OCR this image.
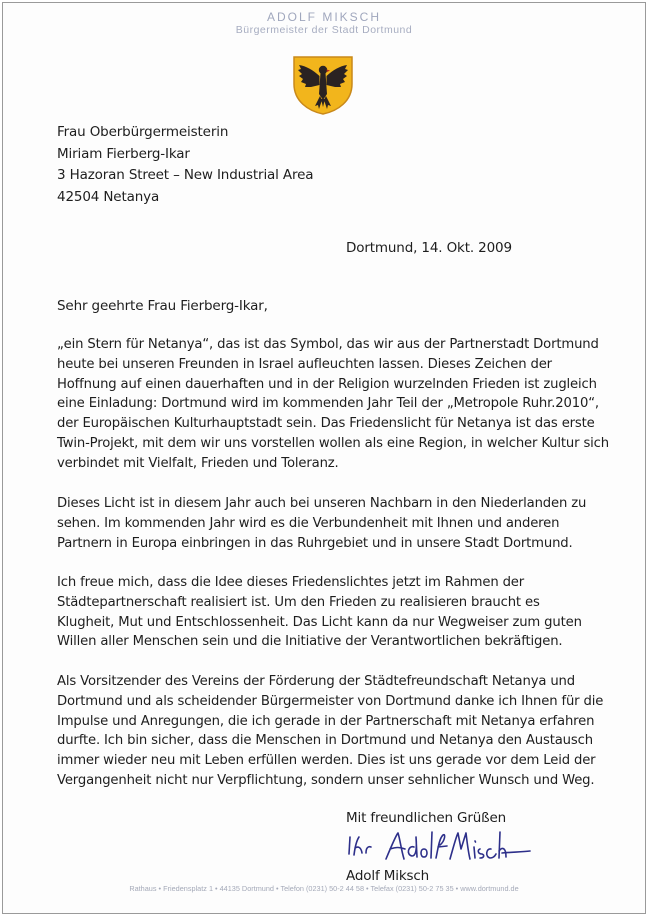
ADOLF MIKSCH
Bürgermeister der Stadt Dortmund
Frau Oberbürgermeisterin
Miriam Fierberg-Ikar
3 Hazoran Street – New Industrial Area
42504 Netanya
Dortmund, 14. Okt. 2009
Sehr geehrte Frau Fierberg-Ikar,
„ein Stern für Netanya“, das ist das Symbol, das wir aus der Partnerstadt Dortmund
heute bei unseren Freunden in Israel aufleuchten lassen. Dieses Zeichen der
Hoffnung auf einen dauerhaften und in der Religion wurzelnden Frieden ist zugleich
eine Einladung: Dortmund wird im kommenden Jahr Teil der „Metropole Ruhr.2010“,
der Europäischen Kulturhauptstadt sein. Das Friedenslicht für Netanya ist das erste
Twin-Projekt, mit dem wir uns vorstellen wollen als eine Region, in welcher Kultur sich
verbindet mit Vielfalt, Frieden und Toleranz.
Dieses Licht ist in diesem Jahr auch bei unseren Nachbarn in den Niederlanden zu
sehen. Im kommenden Jahr wird es die Verbundenheit mit Ihnen und anderen
Partnern in Europa einbringen in das Ruhrgebiet und in unsere Stadt Dortmund.
Ich freue mich, dass die Idee dieses Friedenslichtes jetzt im Rahmen der
Städtepartnerschaft realisiert ist. Um den Frieden zu realisieren braucht es
Klugheit, Mut und Entschlossenheit. Das Licht kann da nur Wegweiser zum guten
Willen aller Menschen sein und die Initiative der Verantwortlichen bekräftigen.
Als Vorsitzender des Vereins der Förderung der Städtefreundschaft Netanya und
Dortmund und als scheidender Bürgermeister von Dortmund danke ich Ihnen für die
Impulse und Anregungen, die ich gerade in der Partnerschaft mit Netanya erfahren
durfte. Ich bin sicher, dass die Menschen in Dortmund und Netanya den Austausch
immer wieder neu mit Leben erfüllen werden. Dies ist uns gerade vor dem Leid der
Vergangenheit nicht nur Verpflichtung, sondern unser sehnlicher Wunsch und Weg.
Mit freundlichen Grüßen
Adolf Miksch
Rathaus • Friedensplatz 1 • 44135 Dortmund • Telefon (0231) 50-2 44 58 • Telefax (0231) 50-2 75 35 • www.dortmund.de
